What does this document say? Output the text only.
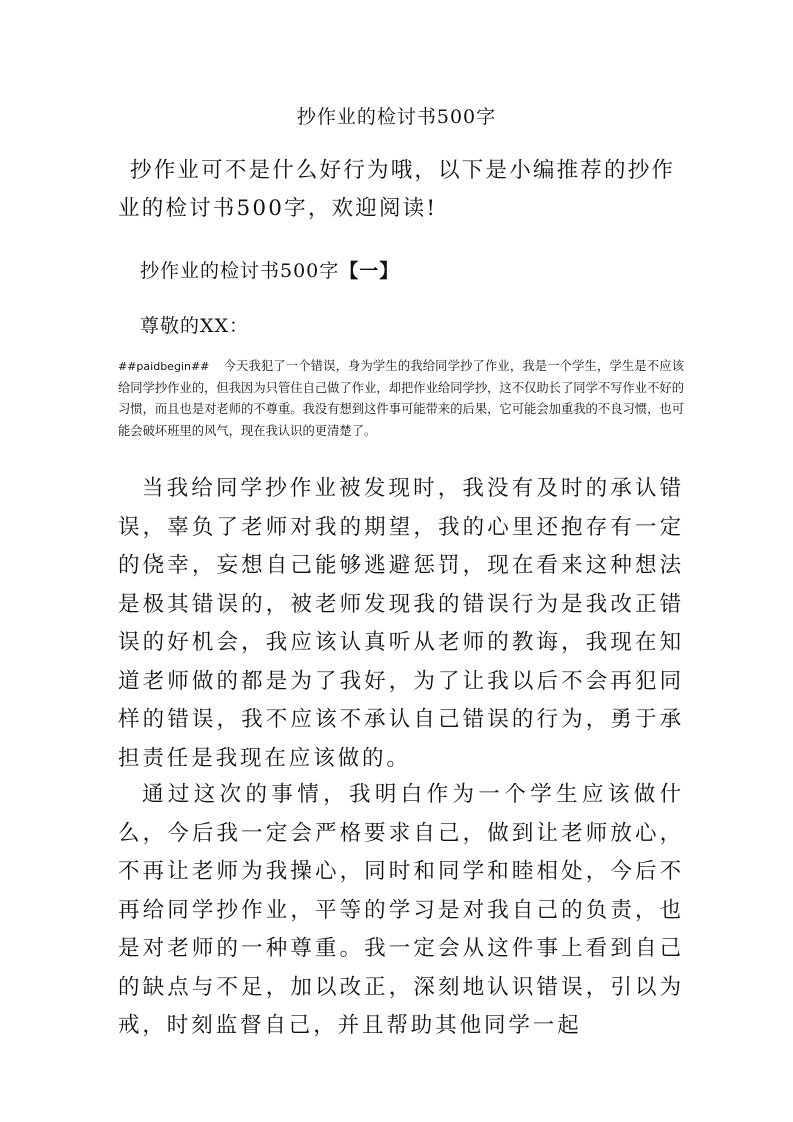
抄作业的检讨书500字
抄作业可不是什么好行为哦，以下是小编推荐的抄作业的检讨书500字，欢迎阅读!
抄作业的检讨书500字【一】
尊敬的XX：
##paidbegin## 今天我犯了一个错误，身为学生的我给同学抄了作业，我是一个学生，学生是不应该给同学抄作业的，但我因为只管住自己做了作业，却把作业给同学抄，这不仅助长了同学不写作业不好的习惯，而且也是对老师的不尊重。我没有想到这件事可能带来的后果，它可能会加重我的不良习惯，也可能会破坏班里的风气，现在我认识的更清楚了。
当我给同学抄作业被发现时，我没有及时的承认错误，辜负了老师对我的期望，我的心里还抱存有一定的侥幸，妄想自己能够逃避惩罚，现在看来这种想法是极其错误的，被老师发现我的错误行为是我改正错误的好机会，我应该认真听从老师的教诲，我现在知道老师做的都是为了我好，为了让我以后不会再犯同样的错误，我不应该不承认自己错误的行为，勇于承担责任是我现在应该做的。
通过这次的事情，我明白作为一个学生应该做什么，今后我一定会严格要求自己，做到让老师放心，不再让老师为我操心，同时和同学和睦相处，今后不再给同学抄作业，平等的学习是对我自己的负责，也是对老师的一种尊重。我一定会从这件事上看到自己的缺点与不足，加以改正，深刻地认识错误，引以为戒，时刻监督自己，并且帮助其他同学一起
